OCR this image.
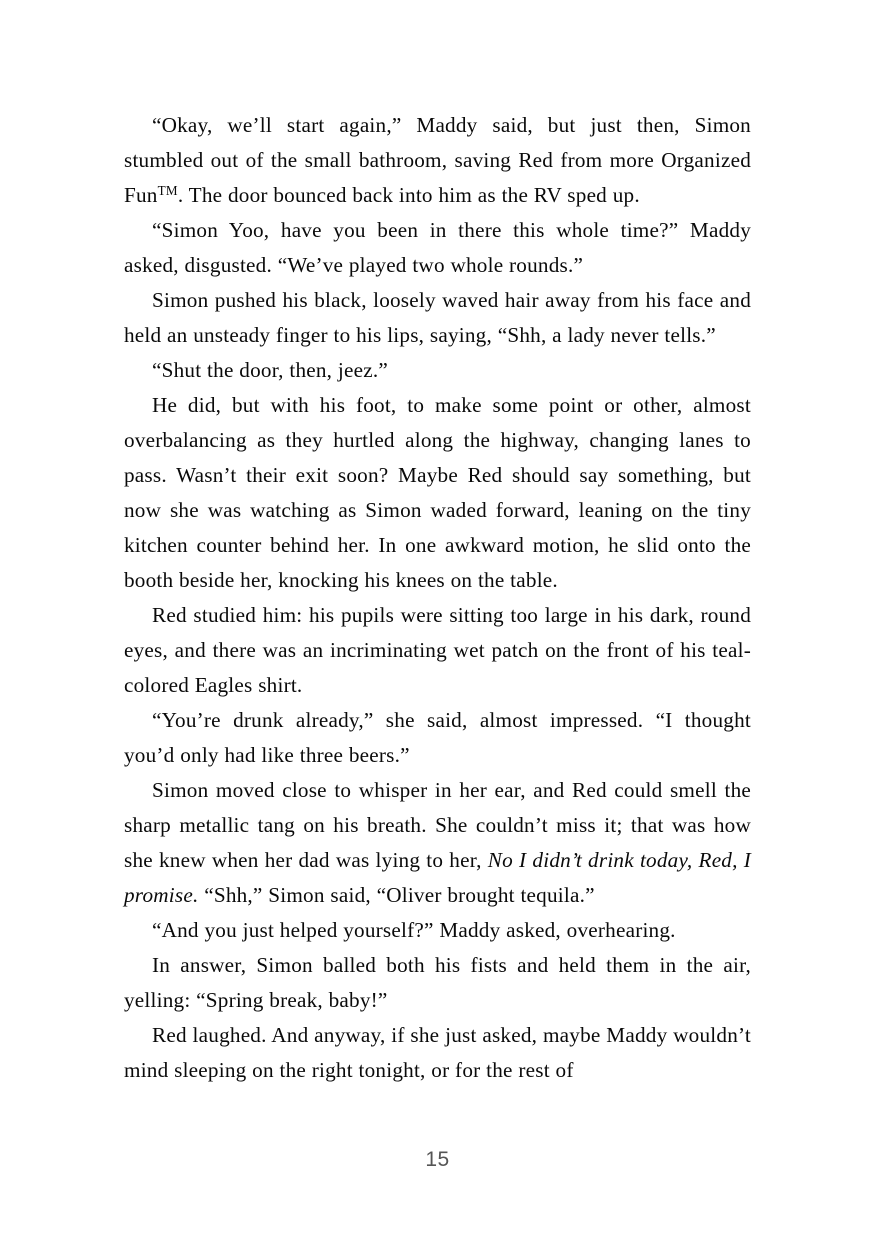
“Okay, we’ll start again,” Maddy said, but just then, Simon stumbled out of the small bathroom, saving Red from more Organized Fun™. The door bounced back into him as the RV sped up.

“Simon Yoo, have you been in there this whole time?” Maddy asked, disgusted. “We’ve played two whole rounds.”

Simon pushed his black, loosely waved hair away from his face and held an unsteady finger to his lips, saying, “Shh, a lady never tells.”

“Shut the door, then, jeez.”

He did, but with his foot, to make some point or other, almost overbalancing as they hurtled along the highway, changing lanes to pass. Wasn’t their exit soon? Maybe Red should say something, but now she was watching as Simon waded forward, leaning on the tiny kitchen counter behind her. In one awkward motion, he slid onto the booth beside her, knocking his knees on the table.

Red studied him: his pupils were sitting too large in his dark, round eyes, and there was an incriminating wet patch on the front of his teal-colored Eagles shirt.

“You’re drunk already,” she said, almost impressed. “I thought you’d only had like three beers.”

Simon moved close to whisper in her ear, and Red could smell the sharp metallic tang on his breath. She couldn’t miss it; that was how she knew when her dad was lying to her, No I didn’t drink today, Red, I promise. “Shh,” Simon said, “Oliver brought tequila.”

“And you just helped yourself?” Maddy asked, overhearing.

In answer, Simon balled both his fists and held them in the air, yelling: “Spring break, baby!”

Red laughed. And anyway, if she just asked, maybe Maddy wouldn’t mind sleeping on the right tonight, or for the rest of

15
